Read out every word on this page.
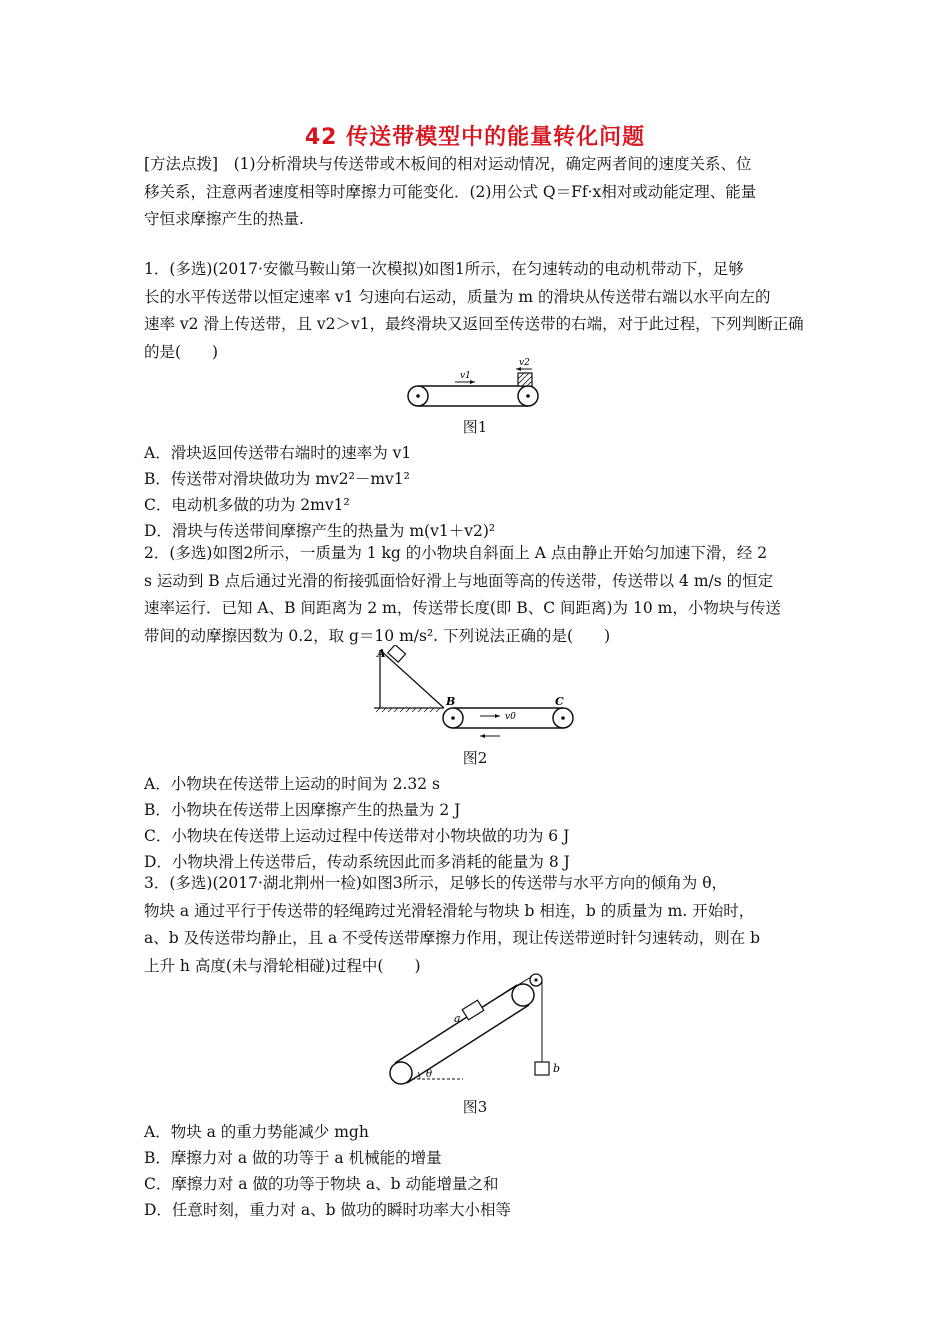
42 传送带模型中的能量转化问题

[方法点拨]　(1)分析滑块与传送带或木板间的相对运动情况，确定两者间的速度关系、位

移关系，注意两者速度相等时摩擦力可能变化．(2)用公式 Q＝Ff·x相对或动能定理、能量

守恒求摩擦产生的热量.

1．(多选)(2017·安徽马鞍山第一次模拟)如图1所示，在匀速转动的电动机带动下，足够

长的水平传送带以恒定速率 v1 匀速向右运动，质量为 m 的滑块从传送带右端以水平向左的

速率 v2 滑上传送带，且 v2＞v1，最终滑块又返回至传送带的右端，对于此过程，下列判断正确

的是(　　)

v1
v2
图1
A．滑块返回传送带右端时的速率为 v1
B．传送带对滑块做功为 mv2²－mv1²
C．电动机多做的功为 2mv1²
D．滑块与传送带间摩擦产生的热量为 m(v1＋v2)²

2．(多选)如图2所示，一质量为 1 kg 的小物块自斜面上 A 点由静止开始匀加速下滑，经 2

s 运动到 B 点后通过光滑的衔接弧面恰好滑上与地面等高的传送带，传送带以 4 m/s 的恒定

速率运行．已知 A、B 间距离为 2 m，传送带长度(即 B、C 间距离)为 10 m，小物块与传送

带间的动摩擦因数为 0.2，取 g＝10 m/s². 下列说法正确的是(　　)

A
B	C
v0
图2
A．小物块在传送带上运动的时间为 2.32 s
B．小物块在传送带上因摩擦产生的热量为 2 J
C．小物块在传送带上运动过程中传送带对小物块做的功为 6 J
D．小物块滑上传送带后，传动系统因此而多消耗的能量为 8 J

3．(多选)(2017·湖北荆州一检)如图3所示，足够长的传送带与水平方向的倾角为 θ，

物块 a 通过平行于传送带的轻绳跨过光滑轻滑轮与物块 b 相连，b 的质量为 m. 开始时，

a、b 及传送带均静止，且 a 不受传送带摩擦力作用，现让传送带逆时针匀速转动，则在 b

上升 h 高度(未与滑轮相碰)过程中(　　)

a
b
θ
图3
A．物块 a 的重力势能减少 mgh
B．摩擦力对 a 做的功等于 a 机械能的增量
C．摩擦力对 a 做的功等于物块 a、b 动能增量之和
D．任意时刻，重力对 a、b 做功的瞬时功率大小相等
